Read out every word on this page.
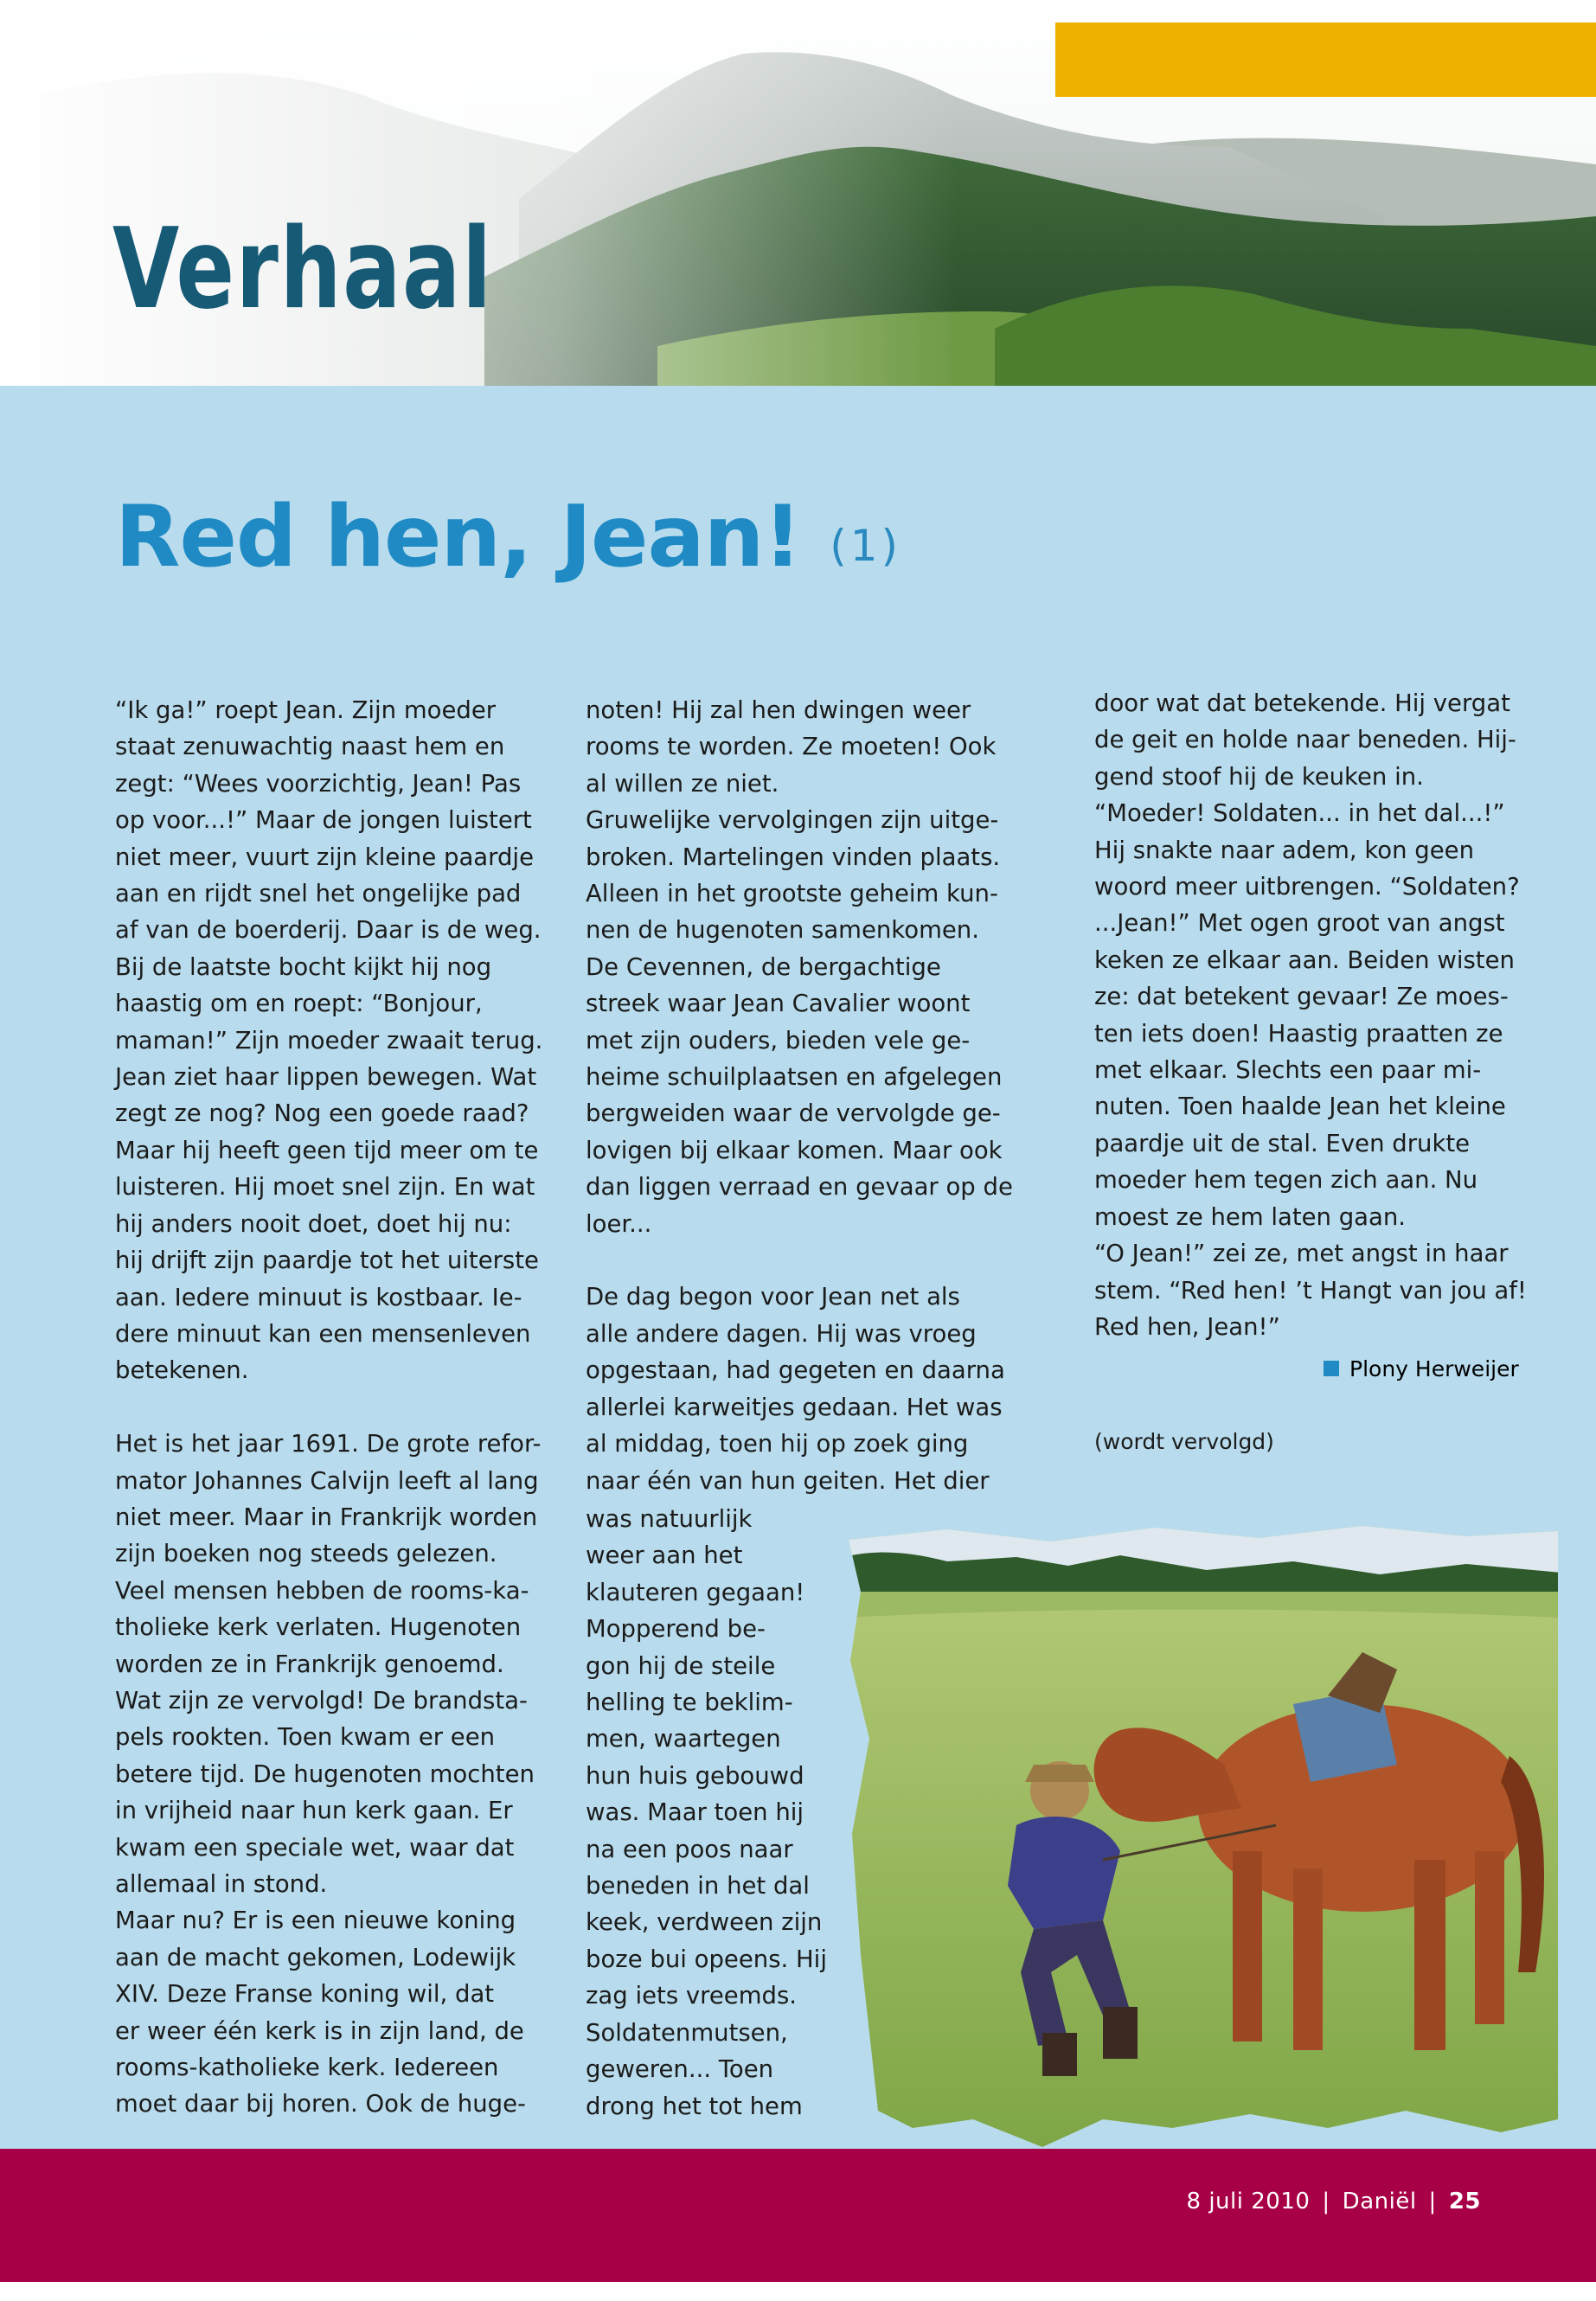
Verhaal
Red hen, Jean! (1)

“Ik ga!” roept Jean. Zijn moeder
staat zenuwachtig naast hem en
zegt: “Wees voorzichtig, Jean! Pas
op voor...!” Maar de jongen luistert
niet meer, vuurt zijn kleine paardje
aan en rijdt snel het ongelijke pad
af van de boerderij. Daar is de weg.
Bij de laatste bocht kijkt hij nog
haastig om en roept: “Bonjour,
maman!” Zijn moeder zwaait terug.
Jean ziet haar lippen bewegen. Wat
zegt ze nog? Nog een goede raad?
Maar hij heeft geen tijd meer om te
luisteren. Hij moet snel zijn. En wat
hij anders nooit doet, doet hij nu:
hij drijft zijn paardje tot het uiterste
aan. Iedere minuut is kostbaar. Ie-
dere minuut kan een mensenleven
betekenen.

Het is het jaar 1691. De grote refor-
mator Johannes Calvijn leeft al lang
niet meer. Maar in Frankrijk worden
zijn boeken nog steeds gelezen.
Veel mensen hebben de rooms-ka-
tholieke kerk verlaten. Hugenoten
worden ze in Frankrijk genoemd.
Wat zijn ze vervolgd! De brandsta-
pels rookten. Toen kwam er een
betere tijd. De hugenoten mochten
in vrijheid naar hun kerk gaan. Er
kwam een speciale wet, waar dat
allemaal in stond.
Maar nu? Er is een nieuwe koning
aan de macht gekomen, Lodewijk
XIV. Deze Franse koning wil, dat
er weer één kerk is in zijn land, de
rooms-katholieke kerk. Iedereen
moet daar bij horen. Ook de huge-

noten! Hij zal hen dwingen weer
rooms te worden. Ze moeten! Ook
al willen ze niet.
Gruwelijke vervolgingen zijn uitge-
broken. Martelingen vinden plaats.
Alleen in het grootste geheim kun-
nen de hugenoten samenkomen.
De Cevennen, de bergachtige
streek waar Jean Cavalier woont
met zijn ouders, bieden vele ge-
heime schuilplaatsen en afgelegen
bergweiden waar de vervolgde ge-
lovigen bij elkaar komen. Maar ook
dan liggen verraad en gevaar op de
loer...

De dag begon voor Jean net als
alle andere dagen. Hij was vroeg
opgestaan, had gegeten en daarna
allerlei karweitjes gedaan. Het was
al middag, toen hij op zoek ging
naar één van hun geiten. Het dier

was natuurlijk
weer aan het
klauteren gegaan!
Mopperend be-
gon hij de steile
helling te beklim-
men, waartegen
hun huis gebouwd
was. Maar toen hij
na een poos naar
beneden in het dal
keek, verdween zijn
boze bui opeens. Hij
zag iets vreemds.
Soldatenmutsen,
geweren... Toen
drong het tot hem

door wat dat betekende. Hij vergat
de geit en holde naar beneden. Hij-
gend stoof hij de keuken in.
“Moeder! Soldaten... in het dal...!”
Hij snakte naar adem, kon geen
woord meer uitbrengen. “Soldaten?
...Jean!” Met ogen groot van angst
keken ze elkaar aan. Beiden wisten
ze: dat betekent gevaar! Ze moes-
ten iets doen! Haastig praatten ze
met elkaar. Slechts een paar mi-
nuten. Toen haalde Jean het kleine
paardje uit de stal. Even drukte
moeder hem tegen zich aan. Nu
moest ze hem laten gaan.
“O Jean!” zei ze, met angst in haar
stem. “Red hen! ’t Hangt van jou af!
Red hen, Jean!”

Plony Herweijer
(wordt vervolgd)
8 juli 2010 | Daniël | 25
